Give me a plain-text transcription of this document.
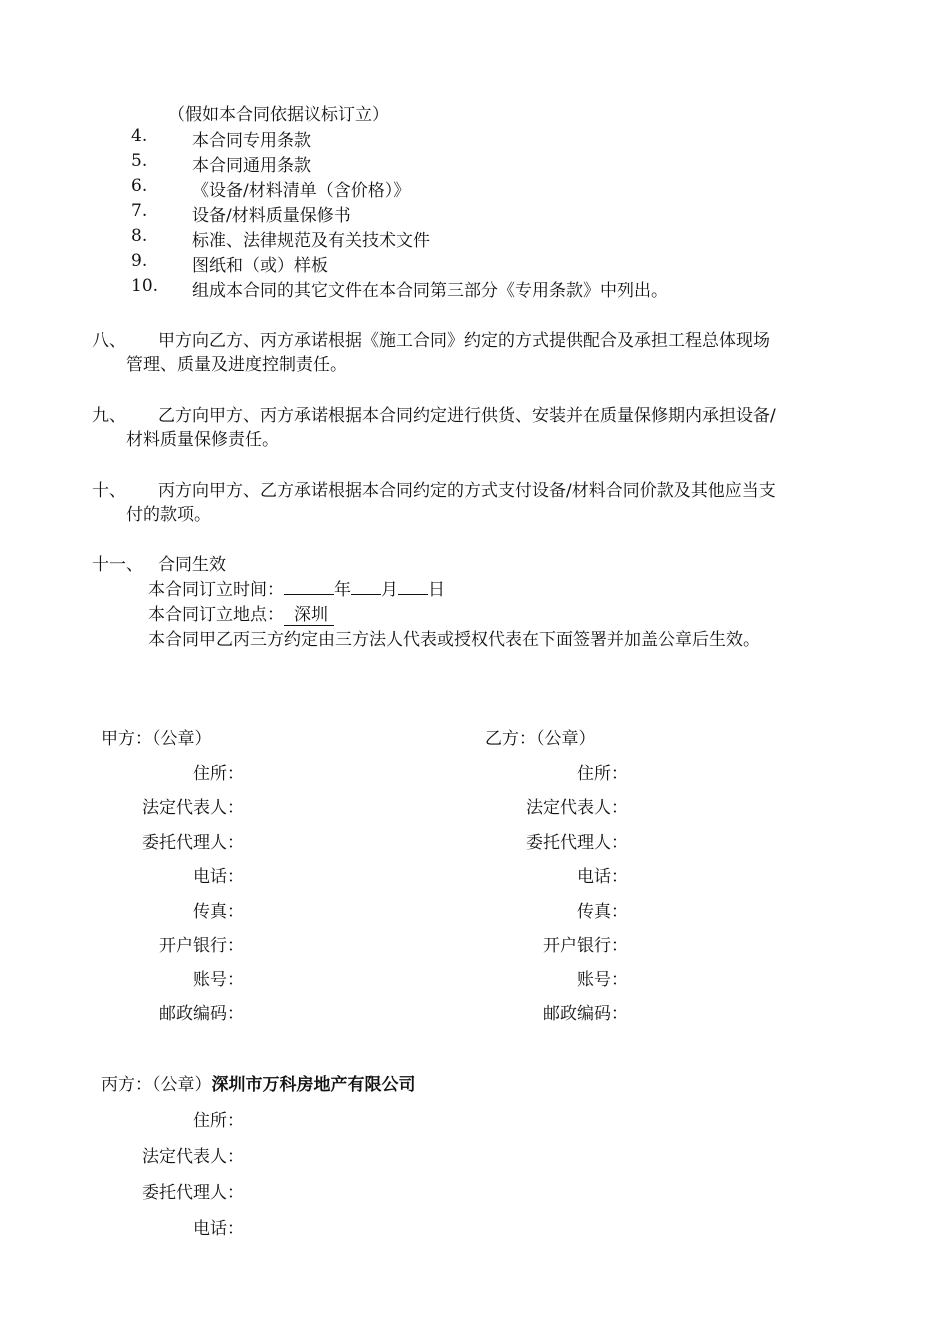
（假如本合同依据议标订立）
4.	本合同专用条款
5.	本合同通用条款
6.	《设备/材料清单（含价格）》
7.	设备/材料质量保修书
8.	标准、法律规范及有关技术文件
9.	图纸和（或）样板
10. 组成本合同的其它文件在本合同第三部分《专用条款》中列出。
八、 甲方向乙方、丙方承诺根据《施工合同》约定的方式提供配合及承担工程总体现场
管理、质量及进度控制责任。
九、 乙方向甲方、丙方承诺根据本合同约定进行供货、安装并在质量保修期内承担设备/
材料质量保修责任。
十、 丙方向甲方、乙方承诺根据本合同约定的方式支付设备/材料合同价款及其他应当支
付的款项。
十一、 合同生效
本合同订立时间：	年 月 日
本合同订立地点： 深圳
本合同甲乙丙三方约定由三方法人代表或授权代表在下面签署并加盖公章后生效。
甲方：（公章）
住所：
法定代表人：
委托代理人：
电话：
传真：
开户银行：
账号：
邮政编码：
乙方：（公章）
住所：
法定代表人：
委托代理人：
电话：
传真：
开户银行：
账号：
邮政编码：
丙方：（公章）深圳市万科房地产有限公司
住所：
法定代表人：
委托代理人：
电话：
